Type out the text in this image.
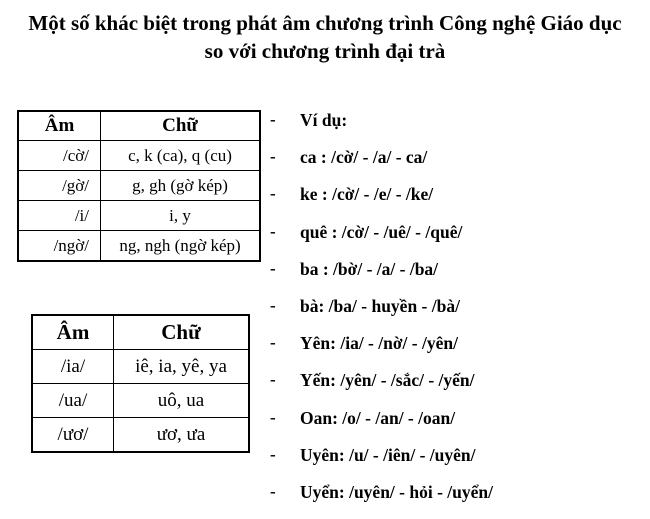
Một số khác biệt trong phát âm chương trình Công nghệ Giáo dục
so với chương trình đại trà
Âm	Chữ
/cờ/	c, k (ca), q (cu)
/gờ/	g, gh (gờ kép)
/i/	i, y
/ngờ/	ng, ngh (ngờ kép)
Âm	Chữ
/ia/	iê, ia, yê, ya
/ua/	uô, ua
/ươ/	ươ, ưa
-	Ví dụ:
-	ca : /cờ/ - /a/ - ca/
-	ke : /cờ/ - /e/ - /ke/
-	quê : /cờ/ - /uê/ - /quê/
-	ba : /bờ/ - /a/ - /ba/
-	bà: /ba/ - huyền - /bà/
-	Yên: /ia/ - /nờ/ - /yên/
-	Yến: /yên/ - /sắc/ - /yến/
-	Oan: /o/ - /an/ - /oan/
-	Uyên: /u/ - /iên/ - /uyên/
-	Uyển: /uyên/ - hỏi - /uyển/
